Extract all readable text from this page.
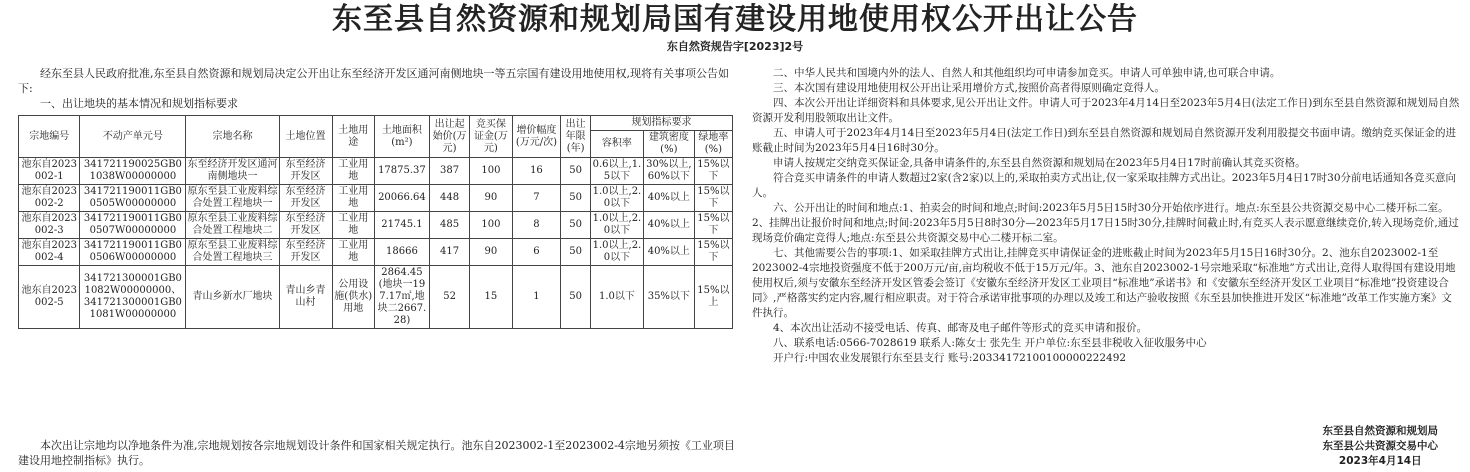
东至县自然资源和规划局国有建设用地使用权公开出让公告
东自然资规告字[2023]2号

经东至县人民政府批准,东至县自然资源和规划局决定公开出让东至经济开发区通河南侧地块一等五宗国有建设用地使用权,现将有关事项公告如下:

一、出让地块的基本情况和规划指标要求

宗地编号	不动产单元号	宗地名称	土地位置	土地用途	土地面积(m²)	出让起始价(万元)	竞买保证金(万元)	增价幅度(万元/次)	出让年限(年)	规划指标要求		
										容积率	建筑密度(%)	绿地率(%)
池东自2023002-1	341721190025GB01038W00000000	东至经济开发区通河南侧地块一	东至经济开发区	工业用地	17875.37	387	100	16	50	0.6以上,1.5以下	30%以上,60%以下	15%以下
池东自2023002-2	341721190011GB00505W00000000	原东至县工业废料综合处置工程地块一	东至经济开发区	工业用地	20066.64	448	90	7	50	1.0以上,2.0以下	40%以上	15%以下
池东自2023002-3	341721190011GB00507W00000000	原东至县工业废料综合处置工程地块二	东至经济开发区	工业用地	21745.1	485	100	8	50	1.0以上,2.0以下	40%以上	15%以下
池东自2023002-4	341721190011GB00506W00000000	原东至县工业废料综合处置工程地块三	东至经济开发区	工业用地	18666	417	90	6	50	1.0以上,2.0以下	40%以上	15%以下
池东自2023002-5	341721300001GB01082W00000000、341721300001GB01081W00000000	青山乡新水厂地块	青山乡青山村	公用设施(供水)用地	2864.45(地块一197.17㎡,地块二2667.28)	52	15	1	50	1.0以下	35%以下	15%以上

本次出让宗地均以净地条件为准,宗地规划按各宗地规划设计条件和国家相关规定执行。池东自2023002-1至2023002-4宗地另须按《工业项目建设用地控制指标》执行。

二、中华人民共和国境内外的法人、自然人和其他组织均可申请参加竞买。申请人可单独申请,也可联合申请。

三、本次国有建设用地使用权公开出让采用增价方式,按照价高者得原则确定竞得人。

四、本次公开出让详细资料和具体要求,见公开出让文件。申请人可于2023年4月14日至2023年5月4日(法定工作日)到东至县自然资源和规划局自然资源开发利用股领取出让文件。

五、申请人可于2023年4月14日至2023年5月4日(法定工作日)到东至县自然资源和规划局自然资源开发利用股提交书面申请。缴纳竞买保证金的进账截止时间为2023年5月4日16时30分。

申请人按规定交纳竞买保证金,具备申请条件的,东至县自然资源和规划局在2023年5月4日17时前确认其竞买资格。

符合竞买申请条件的申请人数超过2家(含2家)以上的,采取拍卖方式出让,仅一家采取挂牌方式出让。2023年5月4日17时30分前电话通知各竞买意向人。

六、公开出让的时间和地点:1、拍卖会的时间和地点;时间:2023年5月5日15时30分开始依序进行。地点:东至县公共资源交易中心二楼开标二室。2、挂牌出让报价时间和地点;时间:2023年5月5日8时30分—2023年5月17日15时30分,挂牌时间截止时,有竞买人表示愿意继续竞价,转入现场竞价,通过现场竞价确定竞得人;地点:东至县公共资源交易中心二楼开标二室。

七、其他需要公告的事项:1、如采取挂牌方式出让,挂牌竞买申请保证金的进账截止时间为2023年5月15日16时30分。2、池东自2023002-1至2023002-4宗地投资强度不低于200万元/亩,亩均税收不低于15万元/年。3、池东自2023002-1号宗地采取“标准地”方式出让,竞得人取得国有建设用地使用权后,须与安徽东至经济开发区管委会签订《安徽东至经济开发区工业项目“标准地”承诺书》和《安徽东至经济开发区工业项目“标准地”投资建设合同》,严格落实约定内容,履行相应职责。对于符合承诺审批事项的办理以及竣工和达产验收按照《东至县加快推进开发区“标准地”改革工作实施方案》文件执行。

4、本次出让活动不接受电话、传真、邮寄及电子邮件等形式的竞买申请和报价。

八、联系电话:0566-7028619 联系人:陈女士 张先生 开户单位:东至县非税收入征收服务中心

开户行:中国农业发展银行东至县支行 账号:20334172100100000222492

东至县自然资源和规划局
东至县公共资源交易中心
2023年4月14日
